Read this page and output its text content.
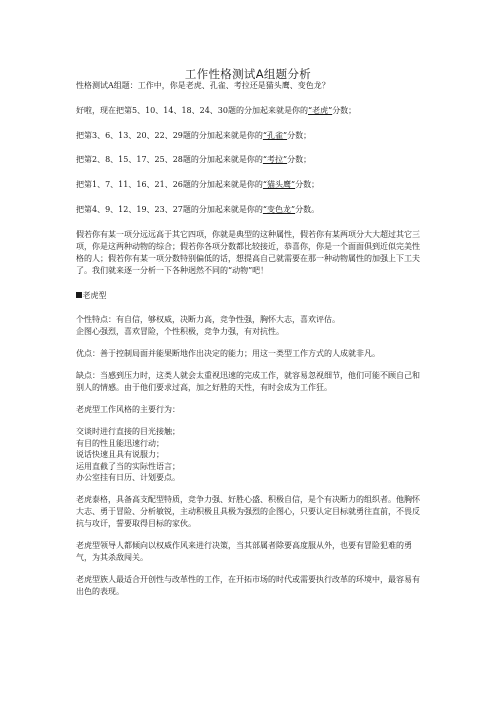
工作性格测试A组题分析

性格测试A组题：工作中，你是老虎、孔雀、考拉还是猫头鹰、变色龙？

好啦，现在把第5、10、14、18、24、30题的分加起来就是你的“老虎”分数；

把第3、6、13、20、22、29题的分加起来就是你的“孔雀”分数；

把第2、8、15、17、25、28题的分加起来就是你的“考拉”分数；

把第1、7、11、16、21、26题的分加起来就是你的“猫头鹰”分数；

把第4、9、12、19、23、27题的分加起来就是你的“变色龙”分数。

假若你有某一项分远远高于其它四项，你就是典型的这种属性，假若你有某两项分大大超过其它三项，你是这两种动物的综合；假若你各项分数都比较接近，恭喜你，你是一个面面俱到近似完美性格的人；假若你有某一项分数特别偏低的话，想提高自己就需要在那一种动物属性的加强上下工夫了。我们就来逐一分析一下各种迥然不同的“动物”吧！

老虎型

个性特点：有自信，够权威，决断力高，竞争性强，胸怀大志，喜欢评估。

企图心强烈，喜欢冒险，个性积极，竞争力强，有对抗性。

优点：善于控制局面并能果断地作出决定的能力；用这一类型工作方式的人成就非凡。

缺点：当感到压力时，这类人就会太重视迅速的完成工作，就容易忽视细节，他们可能不顾自己和别人的情感。由于他们要求过高，加之好胜的天性，有时会成为工作狂。

老虎型工作风格的主要行为：

交谈时进行直接的目光接触；

有目的性且能迅速行动；

说话快速且具有说服力；

运用直截了当的实际性语言；

办公室挂有日历、计划要点。

老虎泰格，具备高支配型特质，竞争力强、好胜心盛、积极自信，是个有决断力的组织者。他胸怀大志、勇于冒险、分析敏锐，主动积极且具极为强烈的企图心，只要认定目标就勇往直前，不畏反抗与攻讦，誓要取得目标的家伙。

老虎型领导人都倾向以权威作风来进行决策，当其部属者除要高度服从外，也要有冒险犯难的勇气，为其杀敌闯关。

老虎型族人最适合开创性与改革性的工作，在开拓市场的时代或需要执行改革的环境中，最容易有出色的表现。
